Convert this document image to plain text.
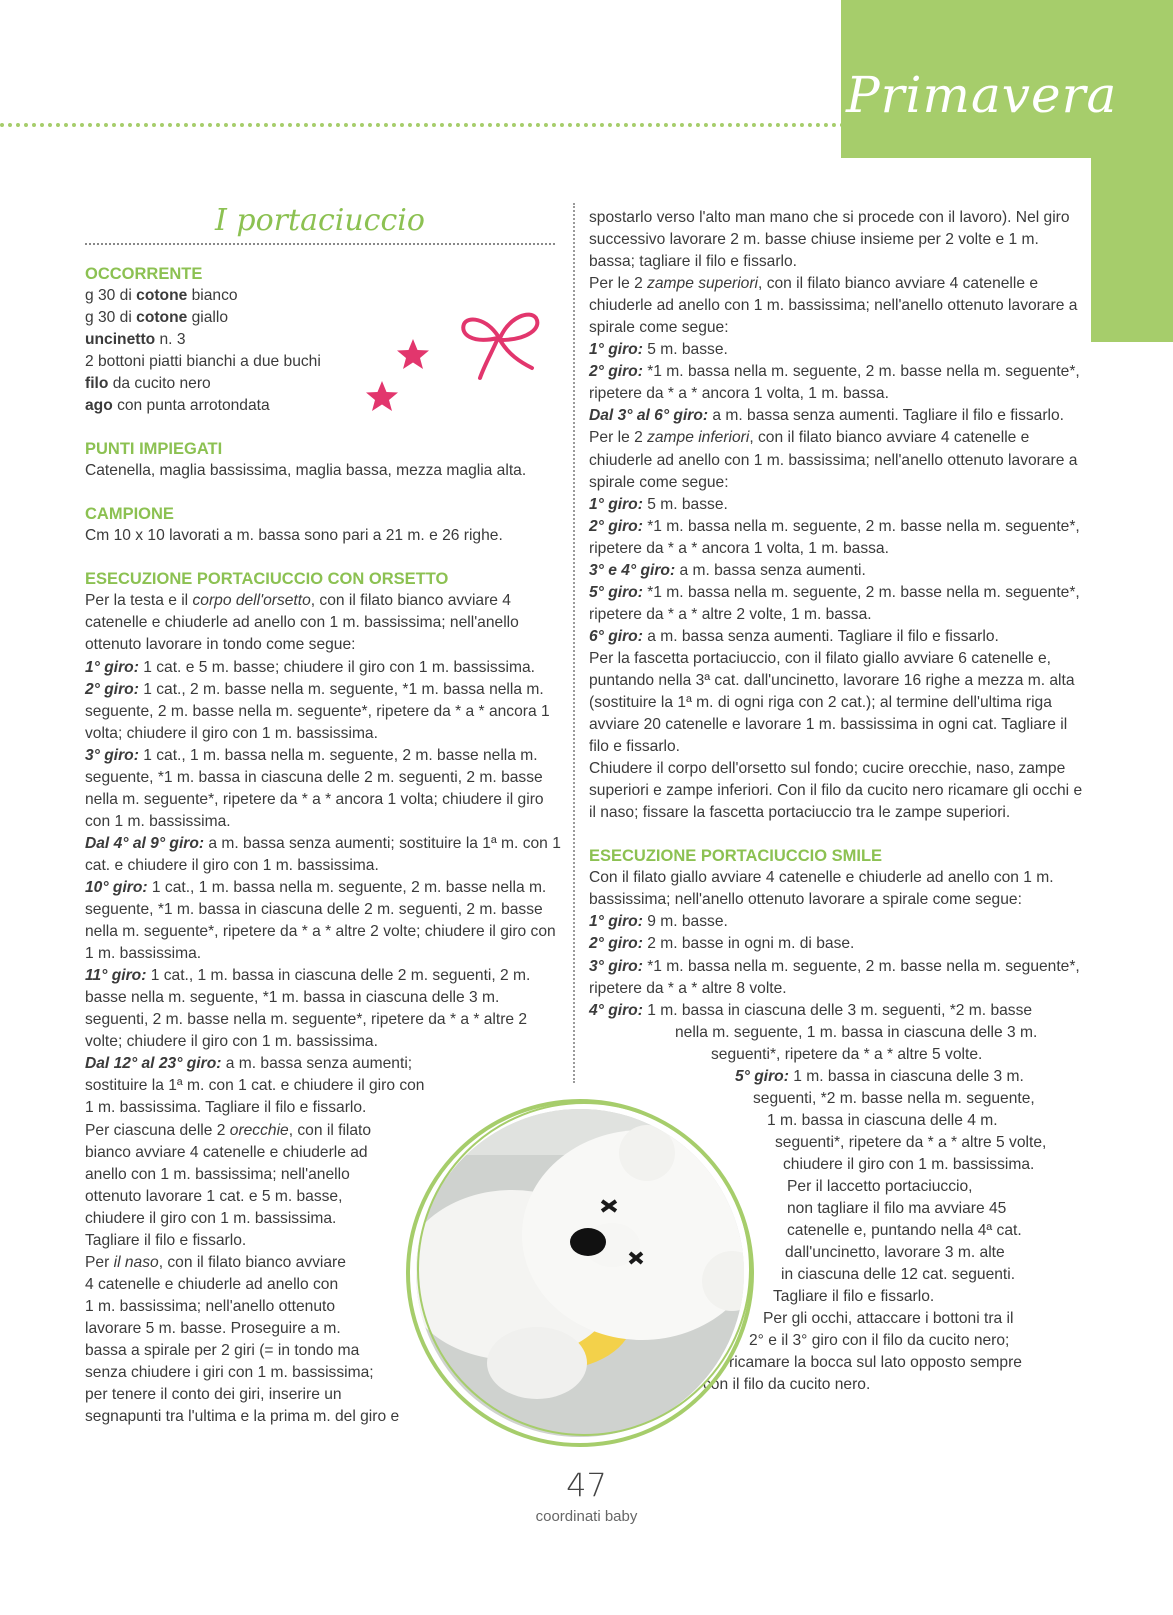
Primavera
I portaciuccio

OCCORRENTE

g 30 di cotone bianco

g 30 di cotone giallo

uncinetto n. 3

2 bottoni piatti bianchi a due buchi

filo da cucito nero

ago con punta arrotondata

PUNTI IMPIEGATI

Catenella, maglia bassissima, maglia bassa, mezza maglia alta.

CAMPIONE

Cm 10 x 10 lavorati a m. bassa sono pari a 21 m. e 26 righe.

ESECUZIONE PORTACIUCCIO CON ORSETTO

Per la testa e il corpo dell'orsetto, con il filato bianco avviare 4 catenelle e chiuderle ad anello con 1 m. bassissima; nell'anello ottenuto lavorare in tondo come segue:

1° giro: 1 cat. e 5 m. basse; chiudere il giro con 1 m. bassissima.

2° giro: 1 cat., 2 m. basse nella m. seguente, *1 m. bassa nella m. seguente, 2 m. basse nella m. seguente*, ripetere da * a * ancora 1 volta; chiudere il giro con 1 m. bassissima.

3° giro: 1 cat., 1 m. bassa nella m. seguente, 2 m. basse nella m. seguente, *1 m. bassa in ciascuna delle 2 m. seguenti, 2 m. basse nella m. seguente*, ripetere da * a * ancora 1 volta; chiudere il giro con 1 m. bassissima.

Dal 4° al 9° giro: a m. bassa senza aumenti; sostituire la 1ª m. con 1 cat. e chiudere il giro con 1 m. bassissima.

10° giro: 1 cat., 1 m. bassa nella m. seguente, 2 m. basse nella m. seguente, *1 m. bassa in ciascuna delle 2 m. seguenti, 2 m. basse nella m. seguente*, ripetere da * a * altre 2 volte; chiudere il giro con 1 m. bassissima.

11° giro: 1 cat., 1 m. bassa in ciascuna delle 2 m. seguenti, 2 m. basse nella m. seguente, *1 m. bassa in ciascuna delle 3 m. seguenti, 2 m. basse nella m. seguente*, ripetere da * a * altre 2 volte; chiudere il giro con 1 m. bassissima.

Dal 12° al 23° giro: a m. bassa senza aumenti;
sostituire la 1ª m. con 1 cat. e chiudere il giro con
1 m. bassissima. Tagliare il filo e fissarlo.
Per ciascuna delle 2 orecchie, con il filato
bianco avviare 4 catenelle e chiuderle ad
anello con 1 m. bassissima; nell'anello
ottenuto lavorare 1 cat. e 5 m. basse,
chiudere il giro con 1 m. bassissima.
Tagliare il filo e fissarlo.
Per il naso, con il filato bianco avviare
4 catenelle e chiuderle ad anello con
1 m. bassissima; nell'anello ottenuto
lavorare 5 m. basse. Proseguire a m.
bassa a spirale per 2 giri (= in tondo ma
senza chiudere i giri con 1 m. bassissima;
per tenere il conto dei giri, inserire un
segnapunti tra l'ultima e la prima m. del giro e

spostarlo verso l'alto man mano che si procede con il lavoro). Nel giro successivo lavorare 2 m. basse chiuse insieme per 2 volte e 1 m. bassa; tagliare il filo e fissarlo.

Per le 2 zampe superiori, con il filato bianco avviare 4 catenelle e chiuderle ad anello con 1 m. bassissima; nell'anello ottenuto lavorare a spirale come segue:

1° giro: 5 m. basse.

2° giro: *1 m. bassa nella m. seguente, 2 m. basse nella m. seguente*, ripetere da * a * ancora 1 volta, 1 m. bassa.

Dal 3° al 6° giro: a m. bassa senza aumenti. Tagliare il filo e fissarlo.

Per le 2 zampe inferiori, con il filato bianco avviare 4 catenelle e chiuderle ad anello con 1 m. bassissima; nell'anello ottenuto lavorare a spirale come segue:

1° giro: 5 m. basse.

2° giro: *1 m. bassa nella m. seguente, 2 m. basse nella m. seguente*, ripetere da * a * ancora 1 volta, 1 m. bassa.

3° e 4° giro: a m. bassa senza aumenti.

5° giro: *1 m. bassa nella m. seguente, 2 m. basse nella m. seguente*, ripetere da * a * altre 2 volte, 1 m. bassa.

6° giro: a m. bassa senza aumenti. Tagliare il filo e fissarlo.

Per la fascetta portaciuccio, con il filato giallo avviare 6 catenelle e, puntando nella 3ª cat. dall'uncinetto, lavorare 16 righe a mezza m. alta (sostituire la 1ª m. di ogni riga con 2 cat.); al termine dell'ultima riga avviare 20 catenelle e lavorare 1 m. bassissima in ogni cat. Tagliare il filo e fissarlo.

Chiudere il corpo dell'orsetto sul fondo; cucire orecchie, naso, zampe superiori e zampe inferiori. Con il filo da cucito nero ricamare gli occhi e il naso; fissare la fascetta portaciuccio tra le zampe superiori.

ESECUZIONE PORTACIUCCIO SMILE

Con il filato giallo avviare 4 catenelle e chiuderle ad anello con 1 m. bassissima; nell'anello ottenuto lavorare a spirale come segue:

1° giro: 9 m. basse.

2° giro: 2 m. basse in ogni m. di base.

3° giro: *1 m. bassa nella m. seguente, 2 m. basse nella m. seguente*, ripetere da * a * altre 8 volte.

4° giro: 1 m. bassa in ciascuna delle 3 m. seguenti, *2 m. basse
nella m. seguente, 1 m. bassa in ciascuna delle 3 m.
seguenti*, ripetere da * a * altre 5 volte.
5° giro: 1 m. bassa in ciascuna delle 3 m.
seguenti, *2 m. basse nella m. seguente,
1 m. bassa in ciascuna delle 4 m.
seguenti*, ripetere da * a * altre 5 volte,
chiudere il giro con 1 m. bassissima.
Per il laccetto portaciuccio,
non tagliare il filo ma avviare 45
catenelle e, puntando nella 4ª cat.
dall'uncinetto, lavorare 3 m. alte
in ciascuna delle 12 cat. seguenti.
Tagliare il filo e fissarlo.
Per gli occhi, attaccare i bottoni tra il
2° e il 3° giro con il filo da cucito nero;
ricamare la bocca sul lato opposto sempre
con il filo da cucito nero.
47
coordinati baby
